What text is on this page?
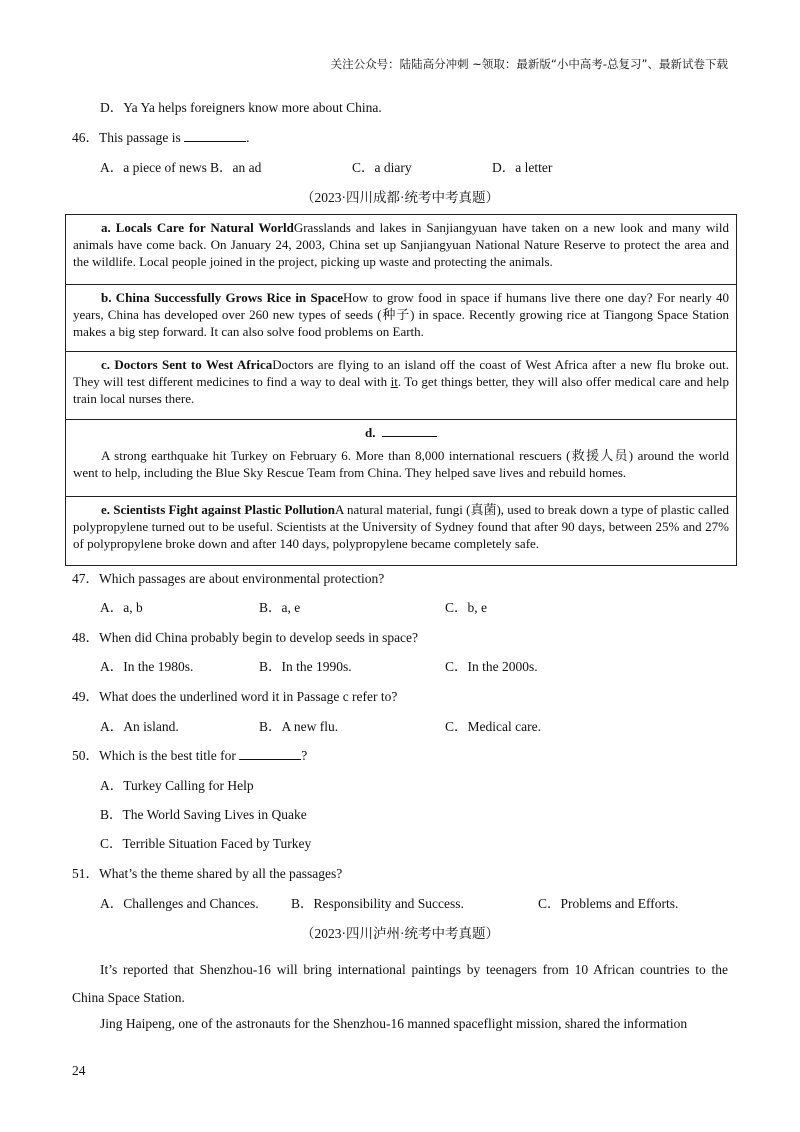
关注公众号：陆陆高分冲刺 ~领取：最新版“小中高考-总复习”、最新试卷下载
D．Ya Ya helps foreigners know more about China.
46．This passage is	.
A．a piece of news B．an ad	C．a diary	D．a letter
（2023·四川成都·统考中考真题）

a. Locals Care for Natural WorldGrasslands and lakes in Sanjiangyuan have taken on a new look and many wild animals have come back. On January 24, 2003, China set up Sanjiangyuan National Nature Reserve to protect the area and the wildlife. Local people joined in the project, picking up waste and protecting the animals.

b. China Successfully Grows Rice in SpaceHow to grow food in space if humans live there one day? For nearly 40 years, China has developed over 260 new types of seeds (种子) in space. Recently growing rice at Tiangong Space Station makes a big step forward. It can also solve food problems on Earth.

c. Doctors Sent to West AfricaDoctors are flying to an island off the coast of West Africa after a new flu broke out. They will test different medicines to find a way to deal with it. To get things better, they will also offer medical care and help train local nurses there.

d.

A strong earthquake hit Turkey on February 6. More than 8,000 international rescuers (救援人员) around the world went to help, including the Blue Sky Rescue Team from China. They helped save lives and rebuild homes.

e. Scientists Fight against Plastic PollutionA natural material, fungi (真菌), used to break down a type of plastic called polypropylene turned out to be useful. Scientists at the University of Sydney found that after 90 days, between 25% and 27% of polypropylene broke down and after 140 days, polypropylene became completely safe.

47．Which passages are about environmental protection?
A．a, b	B．a, e	C．b, e
48．When did China probably begin to develop seeds in space?
A．In the 1980s.	B．In the 1990s.	C．In the 2000s.
49．What does the underlined word it in Passage c refer to?
A．An island.	B．A new flu.	C．Medical care.
50．Which is the best title for	?
A．Turkey Calling for Help
B．The World Saving Lives in Quake
C．Terrible Situation Faced by Turkey
51．What’s the theme shared by all the passages?
A．Challenges and Chances. B．Responsibility and Success.	C．Problems and Efforts.
（2023·四川泸州·统考中考真题）
It’s reported that Shenzhou-16 will bring international paintings by teenagers from 10 African countries to the China Space Station.
Jing Haipeng, one of the astronauts for the Shenzhou-16 manned spaceflight mission, shared the information
24
